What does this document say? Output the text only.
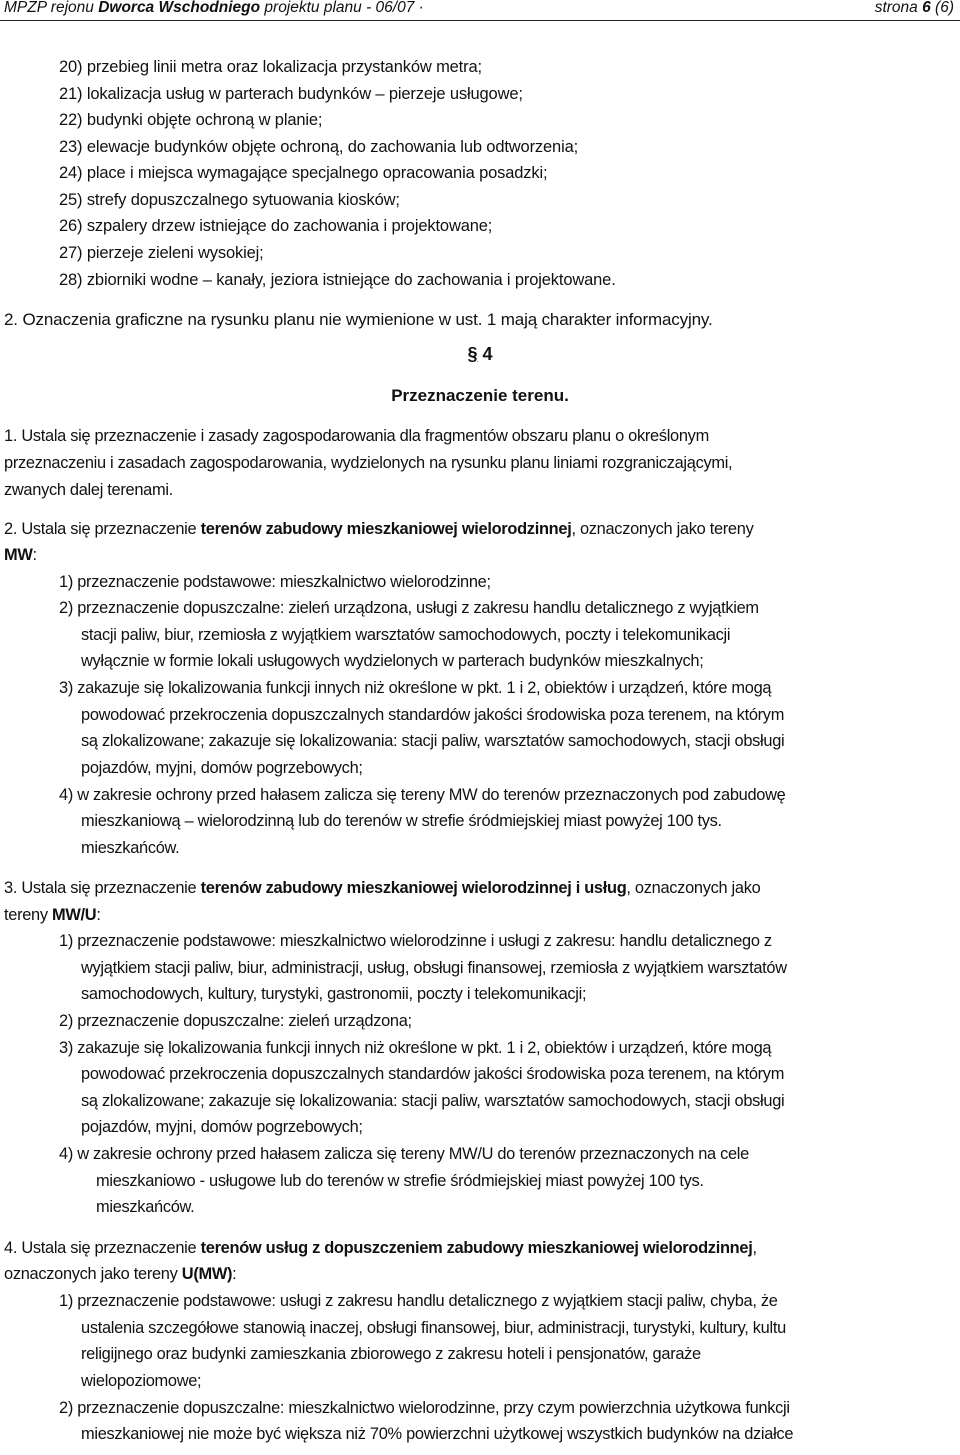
MPZP rejonu Dworca Wschodniego projektu planu - 06/07 ·	strona 6 (6)
20) przebieg linii metra oraz lokalizacja przystanków metra;
21) lokalizacja usług w parterach budynków – pierzeje usługowe;
22) budynki objęte ochroną w planie;
23) elewacje budynków objęte ochroną, do zachowania lub odtworzenia;
24) place i miejsca wymagające specjalnego opracowania posadzki;
25) strefy dopuszczalnego sytuowania kiosków;
26) szpalery drzew istniejące do zachowania i projektowane;
27) pierzeje zieleni wysokiej;
28) zbiorniki wodne – kanały, jeziora istniejące do zachowania i projektowane.
2. Oznaczenia graficzne na rysunku planu nie wymienione w ust. 1 mają charakter informacyjny.
§ 4
Przeznaczenie terenu.
1. Ustala się przeznaczenie i zasady zagospodarowania dla fragmentów obszaru planu o określonym
przeznaczeniu i zasadach zagospodarowania, wydzielonych na rysunku planu liniami rozgraniczającymi,
zwanych dalej terenami.
2. Ustala się przeznaczenie terenów zabudowy mieszkaniowej wielorodzinnej, oznaczonych jako tereny
MW:
1) przeznaczenie podstawowe: mieszkalnictwo wielorodzinne;
2) przeznaczenie dopuszczalne: zieleń urządzona, usługi z zakresu handlu detalicznego z wyjątkiem
stacji paliw, biur, rzemiosła z wyjątkiem warsztatów samochodowych, poczty i telekomunikacji
wyłącznie w formie lokali usługowych wydzielonych w parterach budynków mieszkalnych;
3) zakazuje się lokalizowania funkcji innych niż określone w pkt. 1 i 2, obiektów i urządzeń, które mogą
powodować przekroczenia dopuszczalnych standardów jakości środowiska poza terenem, na którym
są zlokalizowane; zakazuje się lokalizowania: stacji paliw, warsztatów samochodowych, stacji obsługi
pojazdów, myjni, domów pogrzebowych;
4) w zakresie ochrony przed hałasem zalicza się tereny MW do terenów przeznaczonych pod zabudowę
mieszkaniową – wielorodzinną lub do terenów w strefie śródmiejskiej miast powyżej 100 tys.
mieszkańców.
3. Ustala się przeznaczenie terenów zabudowy mieszkaniowej wielorodzinnej i usług, oznaczonych jako
tereny MW/U:
1) przeznaczenie podstawowe: mieszkalnictwo wielorodzinne i usługi z zakresu: handlu detalicznego z
wyjątkiem stacji paliw, biur, administracji, usług, obsługi finansowej, rzemiosła z wyjątkiem warsztatów
samochodowych, kultury, turystyki, gastronomii, poczty i telekomunikacji;
2) przeznaczenie dopuszczalne: zieleń urządzona;
3) zakazuje się lokalizowania funkcji innych niż określone w pkt. 1 i 2, obiektów i urządzeń, które mogą
powodować przekroczenia dopuszczalnych standardów jakości środowiska poza terenem, na którym
są zlokalizowane; zakazuje się lokalizowania: stacji paliw, warsztatów samochodowych, stacji obsługi
pojazdów, myjni, domów pogrzebowych;
4) w zakresie ochrony przed hałasem zalicza się tereny MW/U do terenów przeznaczonych na cele
mieszkaniowo - usługowe lub do terenów w strefie śródmiejskiej miast powyżej 100 tys.
mieszkańców.
4. Ustala się przeznaczenie terenów usług z dopuszczeniem zabudowy mieszkaniowej wielorodzinnej,
oznaczonych jako tereny U(MW):
1) przeznaczenie podstawowe: usługi z zakresu handlu detalicznego z wyjątkiem stacji paliw, chyba, że
ustalenia szczegółowe stanowią inaczej, obsługi finansowej, biur, administracji, turystyki, kultury, kultu
religijnego oraz budynki zamieszkania zbiorowego z zakresu hoteli i pensjonatów, garaże
wielopoziomowe;
2) przeznaczenie dopuszczalne: mieszkalnictwo wielorodzinne, przy czym powierzchnia użytkowa funkcji
mieszkaniowej nie może być większa niż 70% powierzchni użytkowej wszystkich budynków na działce
